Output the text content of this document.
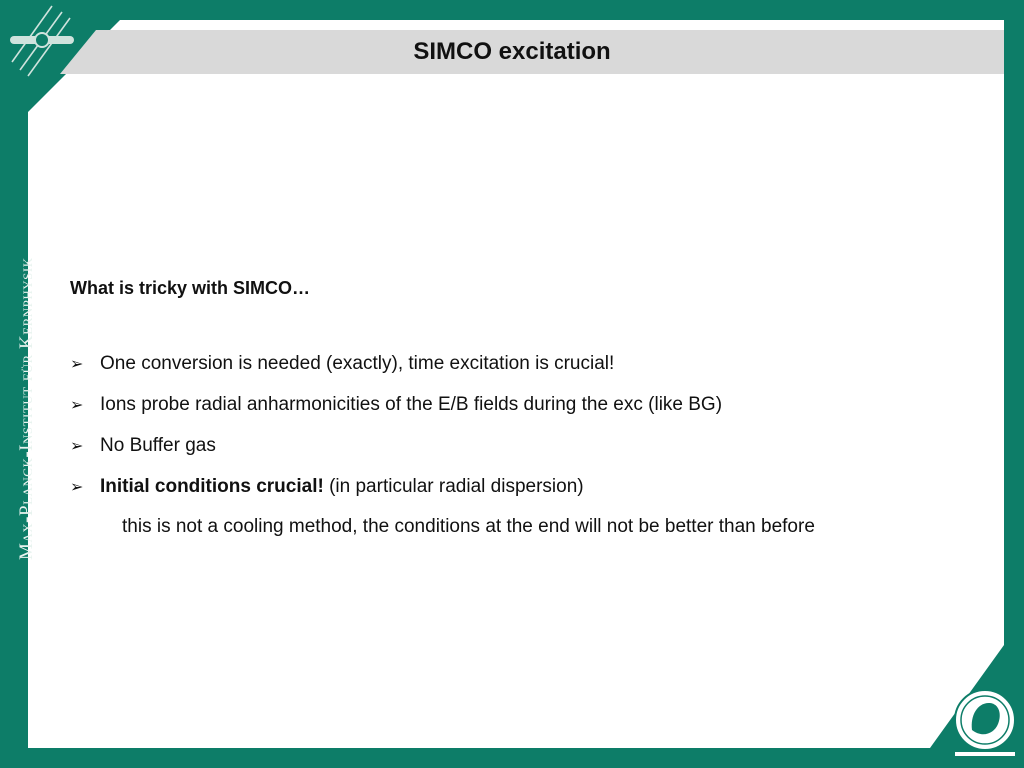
SIMCO excitation
Max-Planck-Institut für Kernphysik What is tricky with SIMCO…
➢ One conversion is needed (exactly), time excitation is crucial!
➢ Ions probe radial anharmonicities of the E/B fields during the exc (like BG)
➢ No Buffer gas
➢ Initial conditions crucial! (in particular radial dispersion)
this is not a cooling method, the conditions at the end will not be better than before
